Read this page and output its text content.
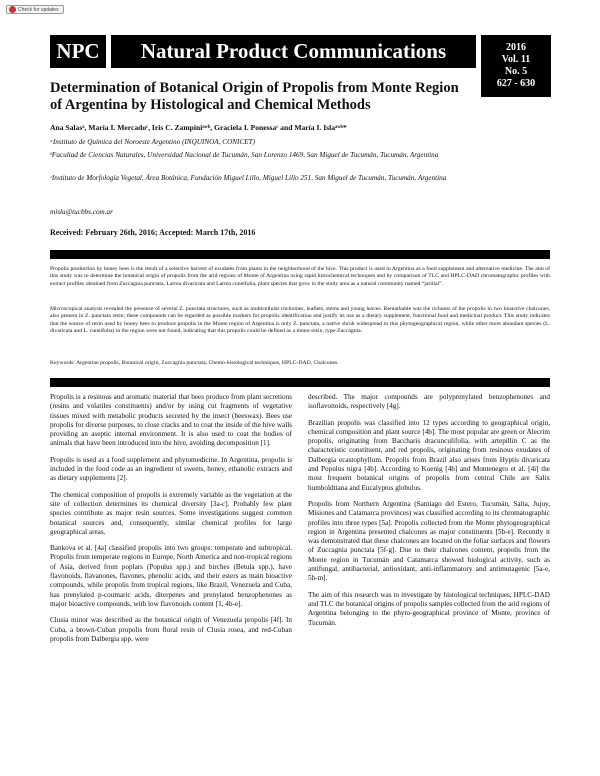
Check for updates
NPC	Natural Product Communications	2016
Vol. 11
No. 5
627 - 630
Determination of Botanical Origin of Propolis from Monte Region of Argentina by Histological and Chemical Methods
Ana Salasᵃ, María I. Mercadoᶜ, Iris C. Zampiniᵃʷᵇ, Graciela I. Ponessaᶜ and María I. Islaᵃʷᵇ*
ᵃInstituto de Química del Noroeste Argentino (INQUINOA, CONICET)
ᵇFacultad de Ciencias Naturales, Universidad Nacional de Tucumán, San Lorenzo 1469, San Miguel de Tucumán, Tucumán, Argentina
ᶜInstituto de Morfología Vegetal, Área Botánica, Fundación Miguel Lillo, Miguel Lillo 251, San Miguel de Tucumán, Tucumán, Argentina
misla@tucbbs.com.ar
Received: February 26th, 2016; Accepted: March 17th, 2016
Propolis production by honey bees is the result of a selective harvest of exudates from plants in the neighborhood of the hive. This product is used in Argentina as a food supplement and alternative medicine. The aim of this study was to determine the botanical origin of propolis from the arid regions of Monte of Argentina using rapid histochemical techniques and by comparison of TLC and HPLC-DAD chromatographic profiles with extract profiles obtained from Zuccagnia punctata, Larrea divaricata and Larrea cuneifolia, plant species that grow in the study area as a natural community named “jarillal”.
Microscopical analysis revealed the presence of several Z. punctata structures, such as multicellular trichomes, leaflets, stems and young leaves. Remarkable was the richness of the propolis in two bioactive chalcones, also present in Z. punctata resin; these compounds can be regarded as possible markers for propolis identification and justify its use as a dietary supplement, functional food and medicinal product. This study indicates that the source of resin used by honey bees to produce propolis in the Monte region of Argentina is only Z. punctata, a native shrub widespread in this phytogeographical region, while other more abundant species (L. divaricata and L. cuneifolia) in the region were not found, indicating that this propolis could be defined as a mono-resin, type-Zuccagnia.
Keywords: Argentine propolis, Botanical origin, Zuccagnia punctata, Chemo-histological techniques, HPLC-DAD, Chalcones.

Propolis is a resinous and aromatic material that bees produce from plant secretions (resins and volatiles constituents) and/or by using cut fragments of vegetative tissues mixed with metabolic products secreted by the insect (beeswax). Bees use propolis for diverse purposes, to close cracks and to coat the inside of the hive walls providing an aseptic internal environment. It is also used to coat the bodies of animals that have been introduced into the hive, avoiding decomposition [1].

Propolis is used as a food supplement and phytomedicine. In Argentina, propolis is included in the food code as an ingredient of sweets, honey, ethanolic extracts and as dietary supplements [2].

The chemical composition of propolis is extremely variable as the vegetation at the site of collection determines its chemical diversity [3a-c]. Probably few plant species contribute as major resin sources. Some investigations suggest common botanical sources and, consequently, similar chemical profiles for large geographical areas.

Bankova et al. [4a] classified propolis into two groups: temperate and subtropical. Propolis from temperate regions in Europe, North America and non-tropical regions of Asia, derived from poplars (Populus spp.) and birches (Betula spp.), have flavonoids, flavanones, flavones, phenolic acids, and their esters as main bioactive compounds, while propolis from tropical regions, like Brazil, Venezuela and Cuba, has prenylated p-coumaric acids, diterpenes and prenylated benzophenones as major bioactive compounds, with low flavonoids content [1, 4b-e].

Clusia minor was described as the botanical origin of Venezuela propolis [4f]. In Cuba, a brown-Cuban propolis from floral resin of Clusia rosea, and red-Cuban propolis from Dalbergia spp. were

described. The major compounds are polyprenylated benzophenones and isoflavonoids, respectively [4g].

Brazilian propolis was classified into 12 types according to geographical origin, chemical composition and plant source [4b]. The most popular are green or Alecrim propolis, originating from Baccharis dracunculifolia, with artepillin C as the characteristic constituent, and red propolis, originating from resinous exudates of Dalbergia ecastophyllum. Propolis from Brazil also arises from Hyptis divaricata and Populus nigra [4b]. According to Koenig [4h] and Montenegro et al. [4i] the most frequent botanical origins of propolis from central Chile are Salix humboldtiana and Eucalyptus globulus.

Propolis from Northern Argentina (Santiago del Estero, Tucumán, Salta, Jujuy, Misiones and Catamarca provinces) was classified according to its chromatographic profiles into three types [5a]. Propolis collected from the Monte phytogeographical region in Argentina presented chalcones as major constituents [5b-e]. Recently it was demonstrated that these chalcones are located on the foliar surfaces and flowers of Zuccagnia punctata [5f-g]. Due to their chalcones content, propolis from the Monte region in Tucumán and Catamarca showed biological activity, such as antifungal, antibacterial, antioxidant, anti-inflammatory and antimutagenic [5a-e, 5h-m].

The aim of this research was to investigate by histological techniques, HPLC-DAD and TLC the botanical origins of propolis samples collected from the arid regions of Argentina belonging to the phyto-geographical province of Monte, province of Tucumán.
